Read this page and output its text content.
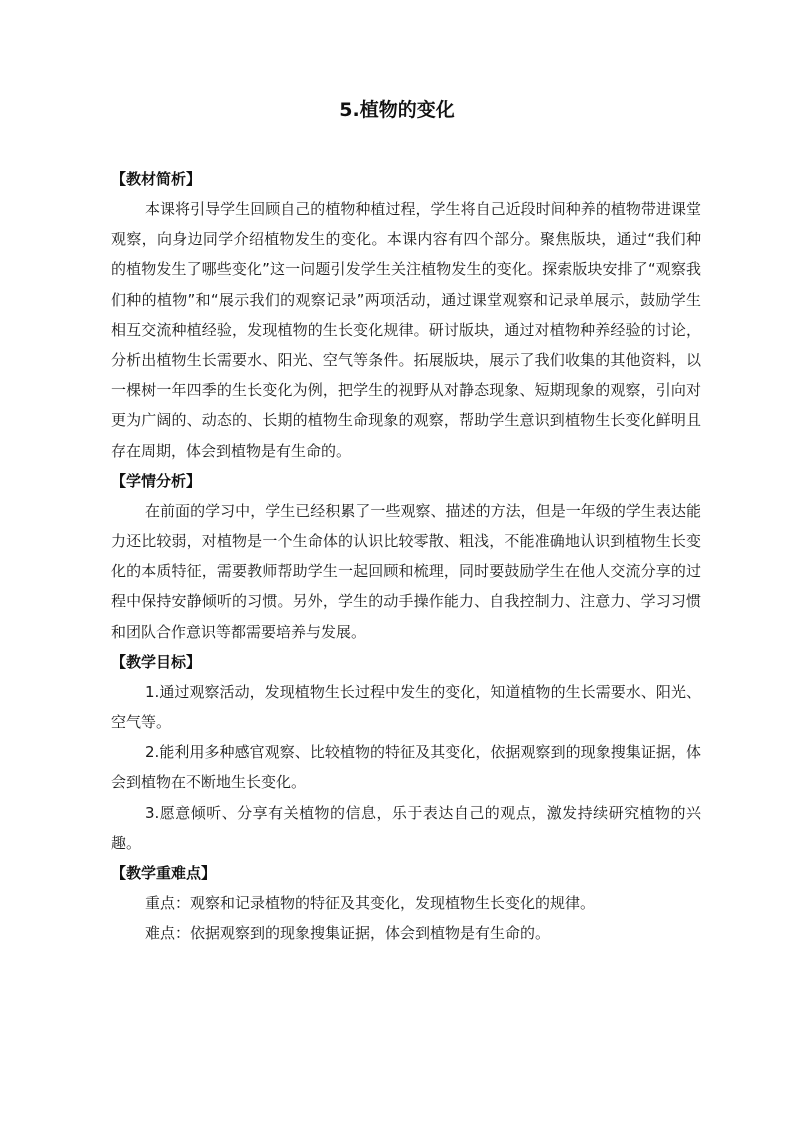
5.植物的变化

【教材简析】

本课将引导学生回顾自己的植物种植过程，学生将自己近段时间种养的植物带进课堂观察，向身边同学介绍植物发生的变化。本课内容有四个部分。聚焦版块，通过“我们种的植物发生了哪些变化”这一问题引发学生关注植物发生的变化。探索版块安排了“观察我们种的植物”和“展示我们的观察记录”两项活动，通过课堂观察和记录单展示，鼓励学生相互交流种植经验，发现植物的生长变化规律。研讨版块，通过对植物种养经验的讨论，分析出植物生长需要水、阳光、空气等条件。拓展版块，展示了我们收集的其他资料，以一棵树一年四季的生长变化为例，把学生的视野从对静态现象、短期现象的观察，引向对更为广阔的、动态的、长期的植物生命现象的观察，帮助学生意识到植物生长变化鲜明且存在周期，体会到植物是有生命的。

【学情分析】

在前面的学习中，学生已经积累了一些观察、描述的方法，但是一年级的学生表达能力还比较弱，对植物是一个生命体的认识比较零散、粗浅，不能准确地认识到植物生长变化的本质特征，需要教师帮助学生一起回顾和梳理，同时要鼓励学生在他人交流分享的过程中保持安静倾听的习惯。另外，学生的动手操作能力、自我控制力、注意力、学习习惯和团队合作意识等都需要培养与发展。

【教学目标】

1.通过观察活动，发现植物生长过程中发生的变化，知道植物的生长需要水、阳光、空气等。

2.能利用多种感官观察、比较植物的特征及其变化，依据观察到的现象搜集证据，体会到植物在不断地生长变化。

3.愿意倾听、分享有关植物的信息，乐于表达自己的观点，激发持续研究植物的兴趣。

【教学重难点】

重点：观察和记录植物的特征及其变化，发现植物生长变化的规律。

难点：依据观察到的现象搜集证据，体会到植物是有生命的。
